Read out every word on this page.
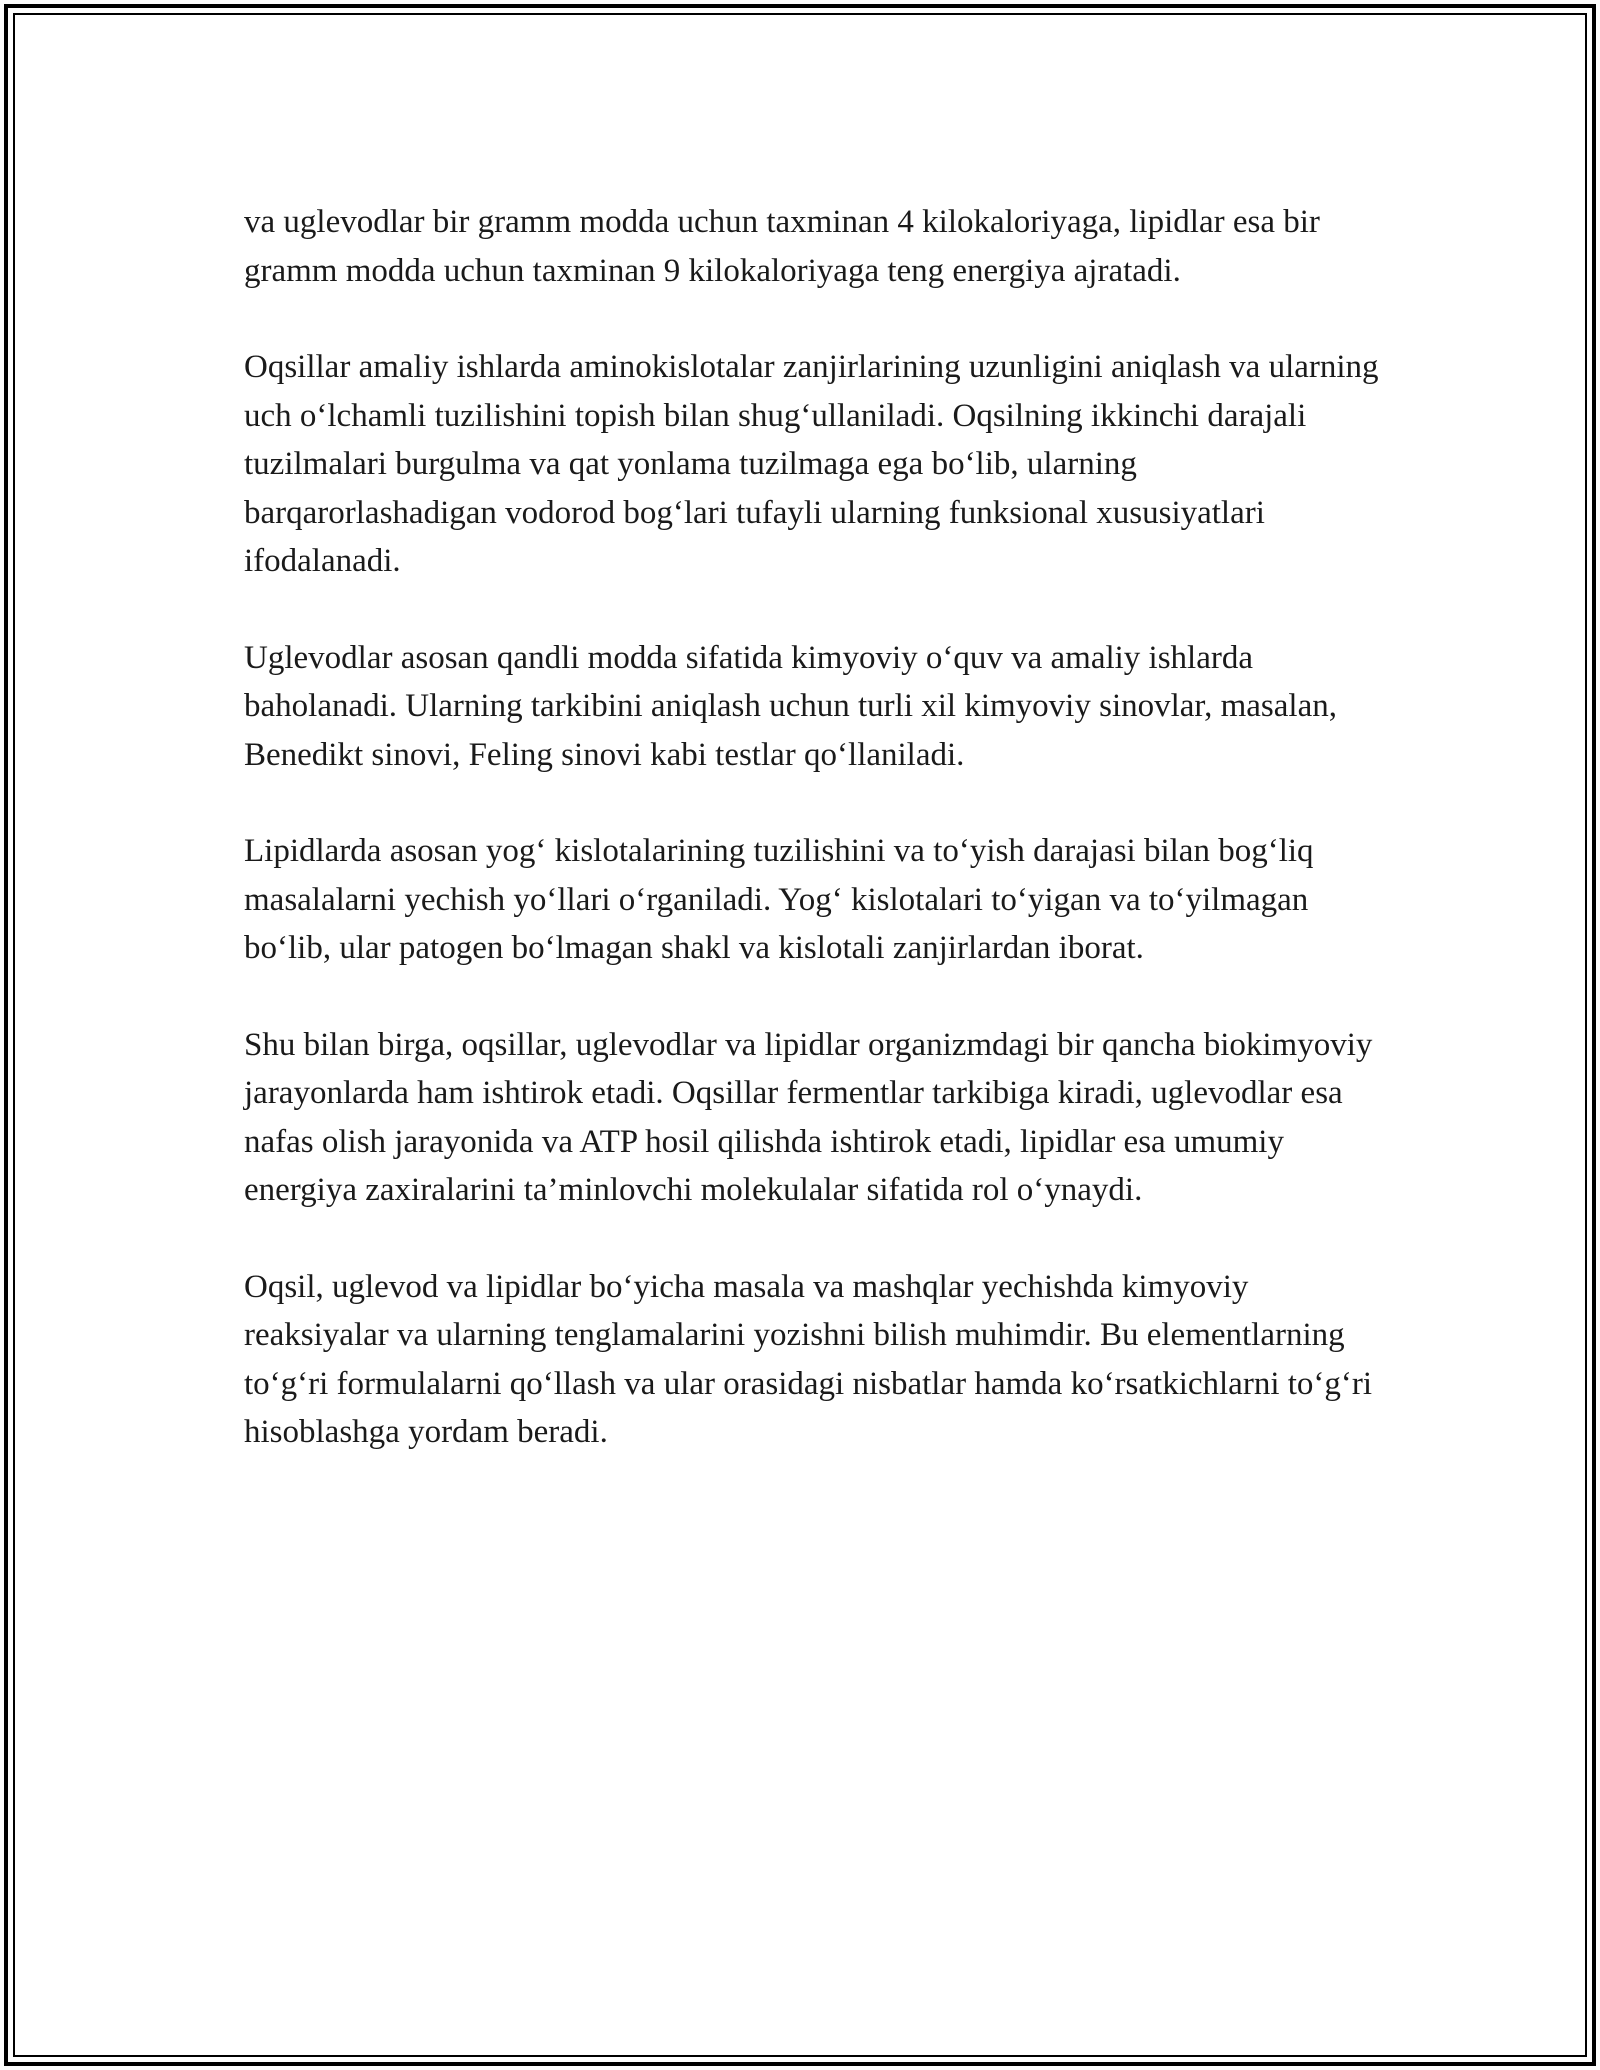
va uglevodlar bir gramm modda uchun taxminan 4 kilokaloriyaga, lipidlar esa bir gramm modda uchun taxminan 9 kilokaloriyaga teng energiya ajratadi.

Oqsillar amaliy ishlarda aminokislotalar zanjirlarining uzunligini aniqlash va ularning uch o‘lchamli tuzilishini topish bilan shug‘ullaniladi. Oqsilning ikkinchi darajali tuzilmalari burgulma va qat yonlama tuzilmaga ega bo‘lib, ularning barqarorlashadigan vodorod bog‘lari tufayli ularning funksional xususiyatlari ifodalanadi.

Uglevodlar asosan qandli modda sifatida kimyoviy o‘quv va amaliy ishlarda baholanadi. Ularning tarkibini aniqlash uchun turli xil kimyoviy sinovlar, masalan, Benedikt sinovi, Feling sinovi kabi testlar qo‘llaniladi.

Lipidlarda asosan yog‘ kislotalarining tuzilishini va to‘yish darajasi bilan bog‘liq masalalarni yechish yo‘llari o‘rganiladi. Yog‘ kislotalari to‘yigan va to‘yilmagan bo‘lib, ular patogen bo‘lmagan shakl va kislotali zanjirlardan iborat.

Shu bilan birga, oqsillar, uglevodlar va lipidlar organizmdagi bir qancha biokimyoviy jarayonlarda ham ishtirok etadi. Oqsillar fermentlar tarkibiga kiradi, uglevodlar esa nafas olish jarayonida va ATP hosil qilishda ishtirok etadi, lipidlar esa umumiy energiya zaxiralarini ta’minlovchi molekulalar sifatida rol o‘ynaydi.

Oqsil, uglevod va lipidlar bo‘yicha masala va mashqlar yechishda kimyoviy reaksiyalar va ularning tenglamalarini yozishni bilish muhimdir. Bu elementlarning to‘g‘ri formulalarni qo‘llash va ular orasidagi nisbatlar hamda ko‘rsatkichlarni to‘g‘ri hisoblashga yordam beradi.
